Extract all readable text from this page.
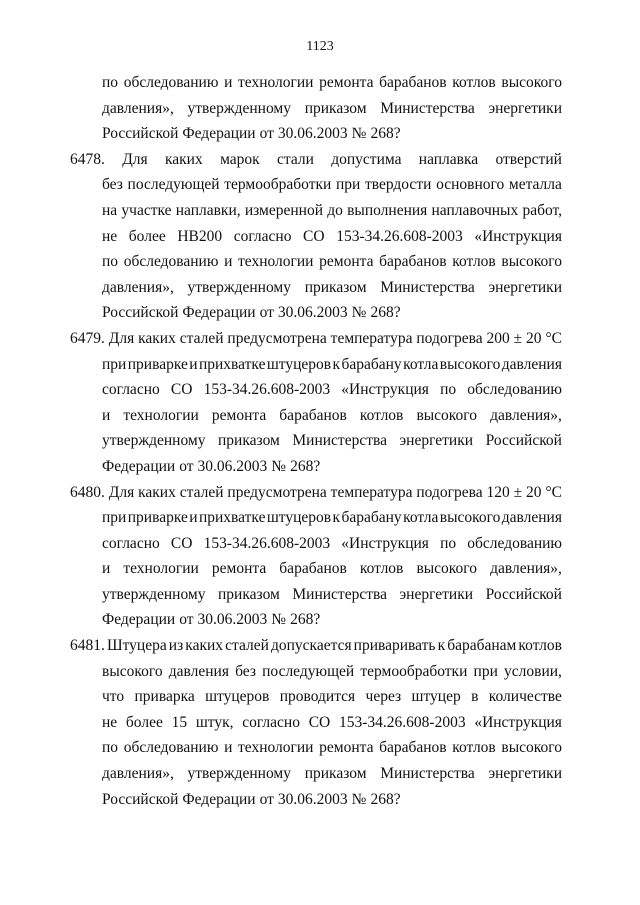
1123
по обследованию и технологии ремонта барабанов котлов высокого
давления», утвержденному приказом Министерства энергетики
Российской Федерации от 30.06.2003 № 268?
6478. Для каких марок стали допустима наплавка отверстий
без последующей термообработки при твердости основного металла
на участке наплавки, измеренной до выполнения наплавочных работ,
не более НВ200 согласно СО 153-34.26.608-2003 «Инструкция
по обследованию и технологии ремонта барабанов котлов высокого
давления», утвержденному приказом Министерства энергетики
Российской Федерации от 30.06.2003 № 268?
6479. Для каких сталей предусмотрена температура подогрева 200 ± 20 °С
при приварке и прихватке штуцеров к барабану котла высокого давления
согласно СО 153-34.26.608-2003 «Инструкция по обследованию
и технологии ремонта барабанов котлов высокого давления»,
утвержденному приказом Министерства энергетики Российской
Федерации от 30.06.2003 № 268?
6480. Для каких сталей предусмотрена температура подогрева 120 ± 20 °С
при приварке и прихватке штуцеров к барабану котла высокого давления
согласно СО 153-34.26.608-2003 «Инструкция по обследованию
и технологии ремонта барабанов котлов высокого давления»,
утвержденному приказом Министерства энергетики Российской
Федерации от 30.06.2003 № 268?
6481. Штуцера из каких сталей допускается приваривать к барабанам котлов
высокого давления без последующей термообработки при условии,
что приварка штуцеров проводится через штуцер в количестве
не более 15 штук, согласно СО 153-34.26.608-2003 «Инструкция
по обследованию и технологии ремонта барабанов котлов высокого
давления», утвержденному приказом Министерства энергетики
Российской Федерации от 30.06.2003 № 268?
